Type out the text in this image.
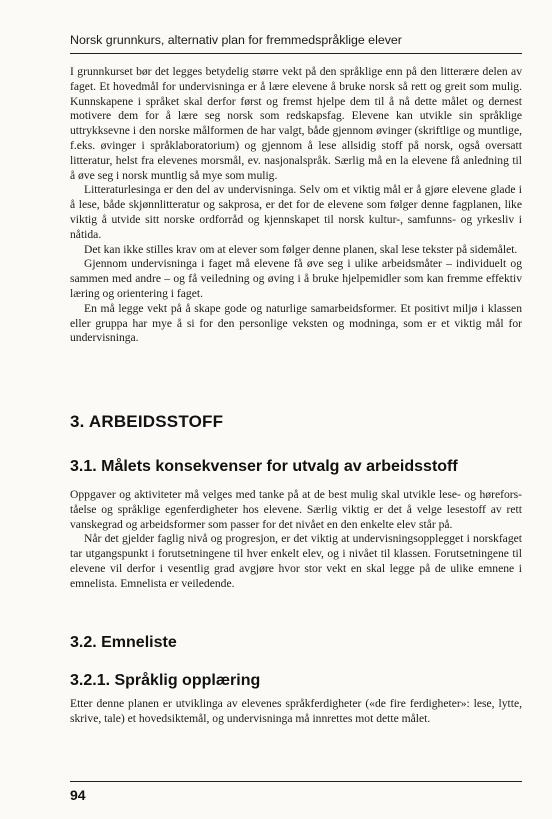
Norsk grunnkurs, alternativ plan for fremmedspråklige elever

I grunnkurset bør det legges betydelig større vekt på den språklige enn på den litterære delen av faget. Et hovedmål for undervisninga er å lære elevene å bruke norsk så rett og greit som mulig. Kunnskapene i språket skal derfor først og fremst hjelpe dem til å nå dette målet og dernest motivere dem for å lære seg norsk som redskapsfag. Elevene kan utvikle sin språklige uttrykksevne i den norske målformen de har valgt, både gjennom øvinger (skriftlige og muntlige, f.eks. øvinger i språklaboratorium) og gjennom å lese allsidig stoff på norsk, også oversatt litteratur, helst fra elevenes morsmål, ev. nasjonalspråk. Særlig må en la elevene få anledning til å øve seg i norsk muntlig så mye som mulig.

Litteraturlesinga er den del av undervisninga. Selv om et viktig mål er å gjøre elevene glade i å lese, både skjønnlitteratur og sakprosa, er det for de elevene som følger denne fagplanen, like viktig å utvide sitt norske ordforråd og kjennskapet til norsk kultur-, samfunns- og yrkesliv i nåtida.

Det kan ikke stilles krav om at elever som følger denne planen, skal lese tekster på sidemålet.

Gjennom undervisninga i faget må elevene få øve seg i ulike arbeidsmåter – individuelt og sammen med andre – og få veiledning og øving i å bruke hjelpemidler som kan fremme effektiv læring og orientering i faget.

En må legge vekt på å skape gode og naturlige samarbeidsformer. Et positivt miljø i klassen eller gruppa har mye å si for den personlige veksten og modninga, som er et viktig mål for undervisninga.

3. ARBEIDSSTOFF
3.1. Målets konsekvenser for utvalg av arbeidsstoff

Oppgaver og aktiviteter må velges med tanke på at de best mulig skal utvikle lese- og høreforståelse og språklige egenferdigheter hos elevene. Særlig viktig er det å velge lesestoff av rett vanskegrad og arbeidsformer som passer for det nivået en den enkelte elev står på.

Når det gjelder faglig nivå og progresjon, er det viktig at undervisningsopplegget i norskfaget tar utgangspunkt i forutsetningene til hver enkelt elev, og i nivået til klassen. Forutsetningene til elevene vil derfor i vesentlig grad avgjøre hvor stor vekt en skal legge på de ulike emnene i emnelista. Emnelista er veiledende.

3.2. Emneliste
3.2.1. Språklig opplæring

Etter denne planen er utviklinga av elevenes språkferdigheter («de fire ferdigheter»: lese, lytte, skrive, tale) et hovedsiktemål, og undervisninga må innrettes mot dette målet.

94
